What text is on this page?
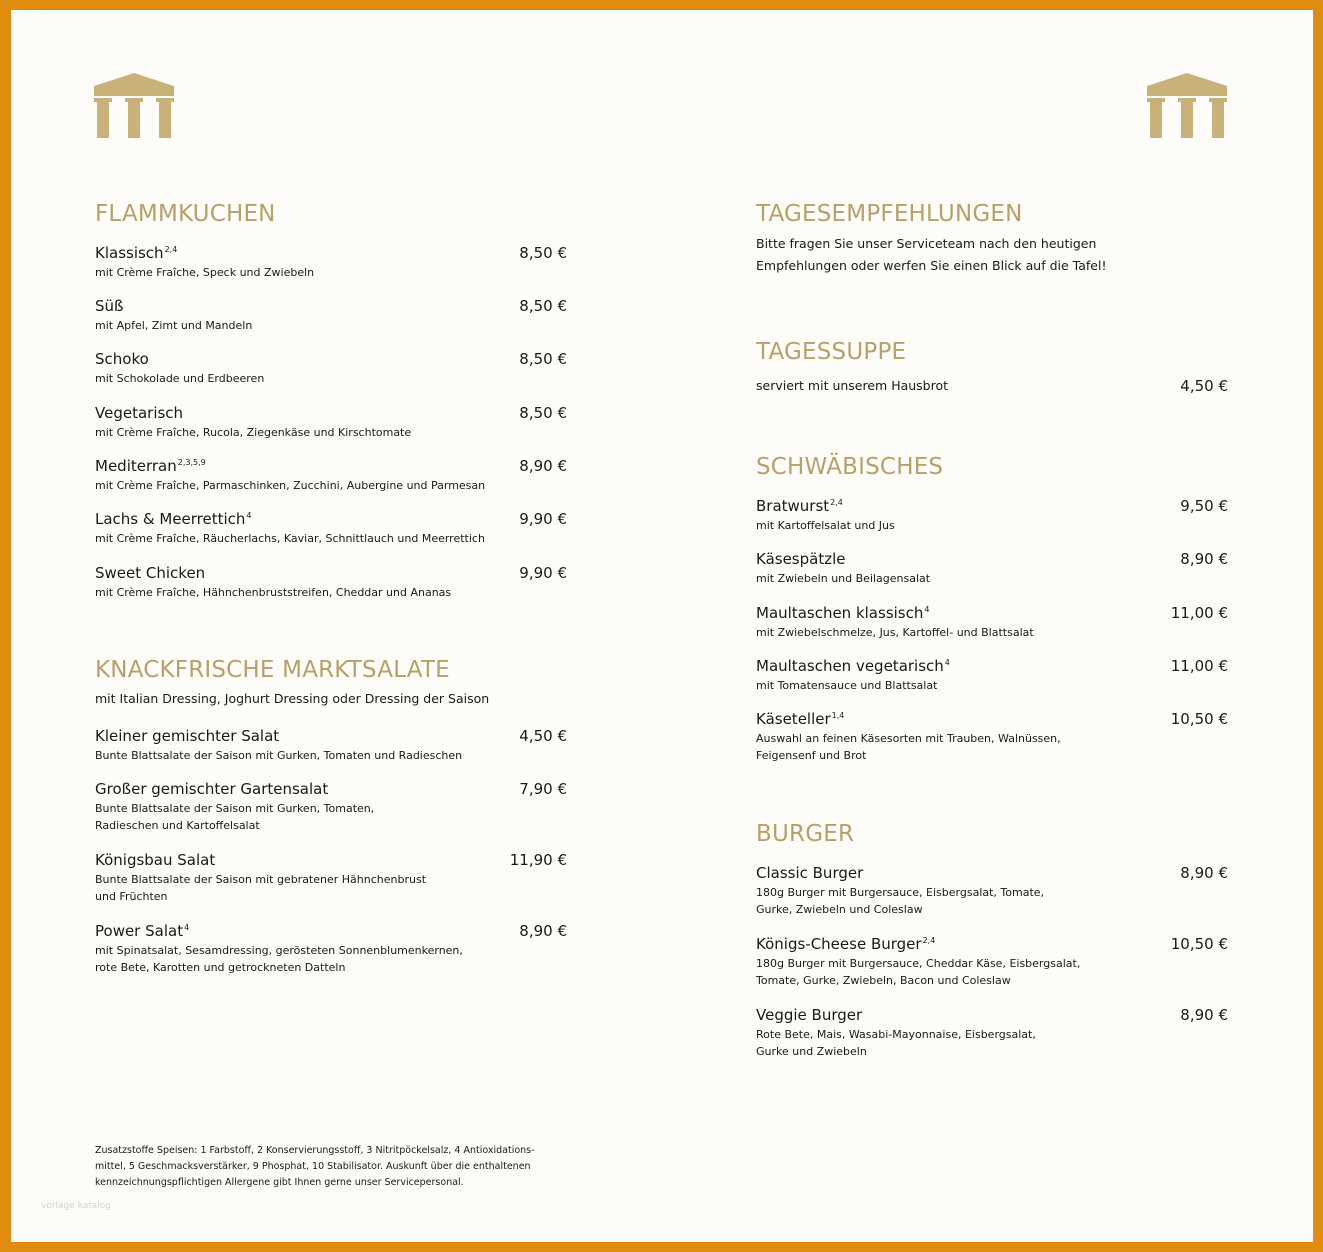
FLAMMKUCHEN
Klassisch$^{2,4}$	8,50 €
mit Crème Fraîche, Speck und Zwiebeln
Süß	8,50 €
mit Apfel, Zimt und Mandeln
Schoko	8,50 €
mit Schokolade und Erdbeeren
Vegetarisch	8,50 €
mit Crème Fraîche, Rucola, Ziegenkäse und Kirschtomate
Mediterran$^{2,3,5,9}$	8,90 €
mit Crème Fraîche, Parmaschinken, Zucchini, Aubergine und Parmesan
Lachs & Meerrettich$^4$	9,90 €
mit Crème Fraîche, Räucherlachs, Kaviar, Schnittlauch und Meerrettich
Sweet Chicken	9,90 €
mit Crème Fraîche, Hähnchenbruststreifen, Cheddar und Ananas
KNACKFRISCHE MARKTSALATE

mit Italian Dressing, Joghurt Dressing oder Dressing der Saison

Kleiner gemischter Salat	4,50 €
Bunte Blattsalate der Saison mit Gurken, Tomaten und Radieschen
Großer gemischter Gartensalat	7,90 €
Bunte Blattsalate der Saison mit Gurken, Tomaten,
Radieschen und Kartoffelsalat
Königsbau Salat	11,90 €
Bunte Blattsalate der Saison mit gebratener Hähnchenbrust
und Früchten
Power Salat$^4$	8,90 €
mit Spinatsalat, Sesamdressing, gerösteten Sonnenblumenkernen,
rote Bete, Karotten und getrockneten Datteln
Zusatzstoffe Speisen: 1 Farbstoff, 2 Konservierungsstoff, 3 Nitritpöckelsalz, 4 Antioxidations-
mittel, 5 Geschmacksverstärker, 9 Phosphat, 10 Stabilisator. Auskunft über die enthaltenen
kennzeichnungspflichtigen Allergene gibt Ihnen gerne unser Servicepersonal.
vorlage katalog
TAGESEMPFEHLUNGEN

Bitte fragen Sie unser Serviceteam nach den heutigen
Empfehlungen oder werfen Sie einen Blick auf die Tafel!

TAGESSUPPE
serviert mit unserem Hausbrot	4,50 €
SCHWÄBISCHES
Bratwurst$^{2,4}$	9,50 €
mit Kartoffelsalat und Jus
Käsespätzle	8,90 €
mit Zwiebeln und Beilagensalat
Maultaschen klassisch$^4$	11,00 €
mit Zwiebelschmelze, Jus, Kartoffel- und Blattsalat
Maultaschen vegetarisch$^4$	11,00 €
mit Tomatensauce und Blattsalat
Käseteller$^{1,4}$	10,50 €
Auswahl an feinen Käsesorten mit Trauben, Walnüssen,
Feigensenf und Brot
BURGER
Classic Burger	8,90 €
180g Burger mit Burgersauce, Eisbergsalat, Tomate,
Gurke, Zwiebeln und Coleslaw
Königs-Cheese Burger$^{2,4}$	10,50 €
180g Burger mit Burgersauce, Cheddar Käse, Eisbergsalat,
Tomate, Gurke, Zwiebeln, Bacon und Coleslaw
Veggie Burger	8,90 €
Rote Bete, Mais, Wasabi-Mayonnaise, Eisbergsalat,
Gurke und Zwiebeln
